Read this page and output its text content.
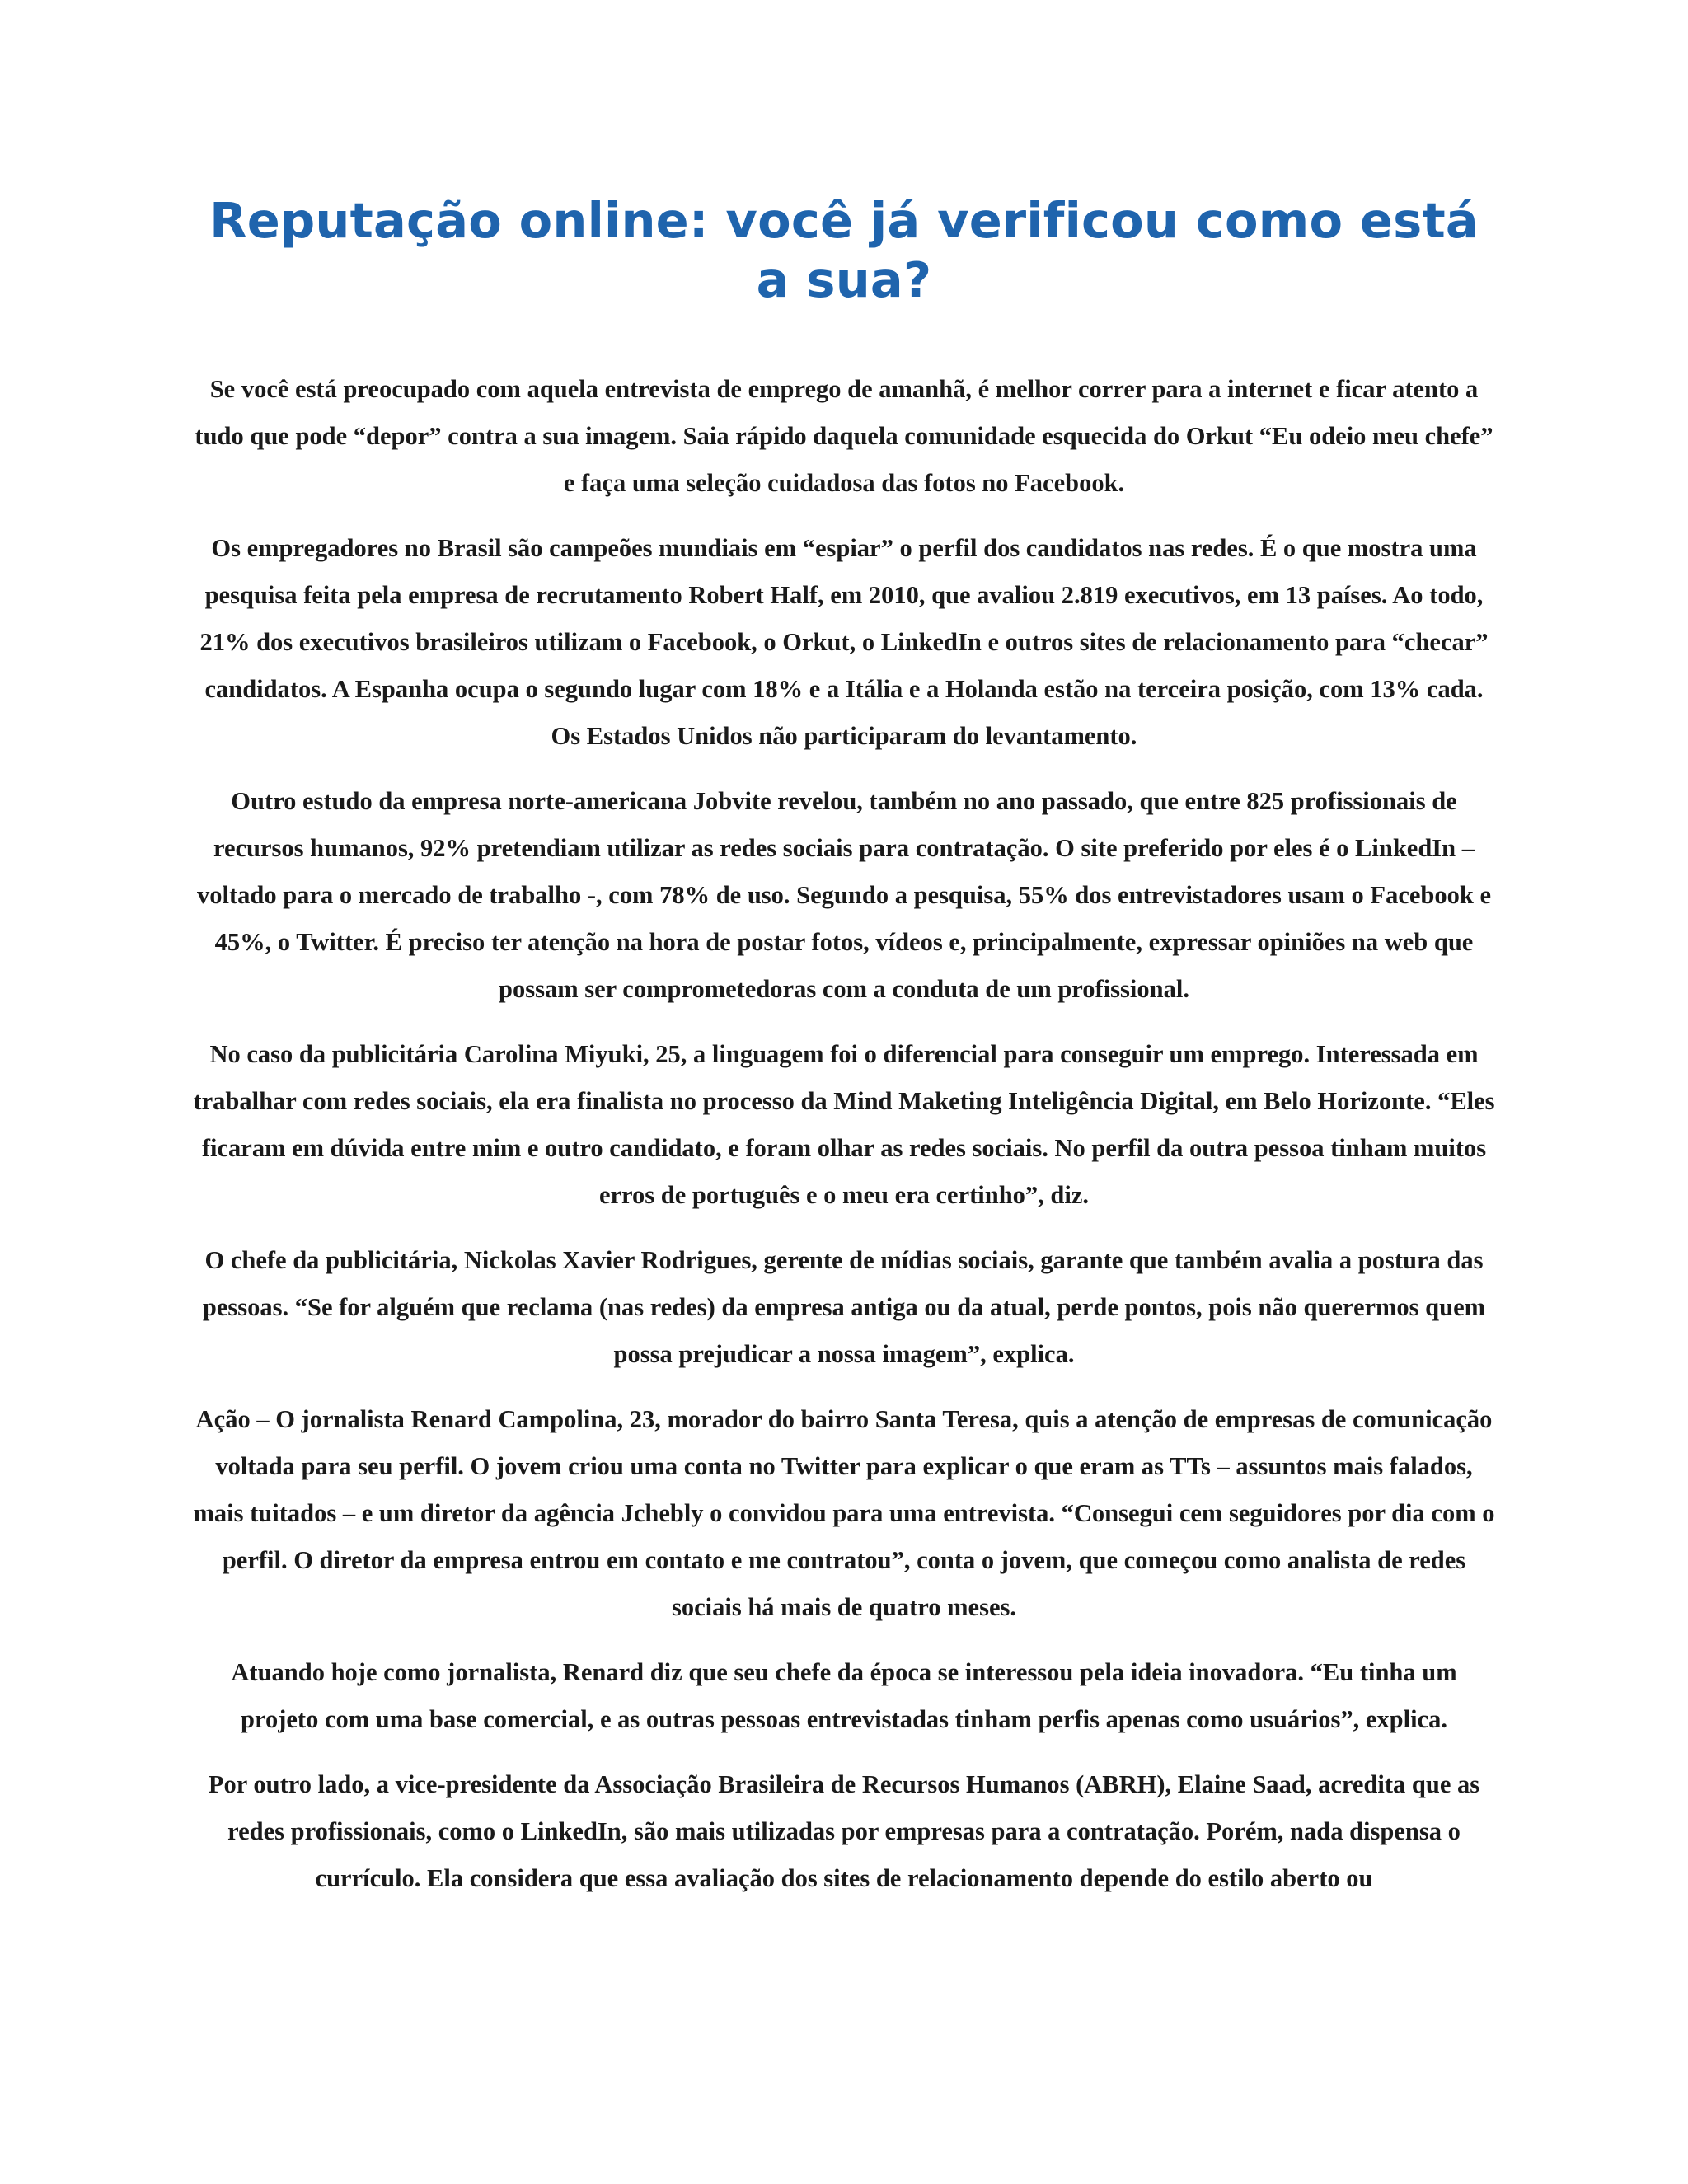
Reputação online: você já verificou como está a sua?

Se você está preocupado com aquela entrevista de emprego de amanhã, é melhor correr para a internet e ficar atento a tudo que pode “depor” contra a sua imagem. Saia rápido daquela comunidade esquecida do Orkut “Eu odeio meu chefe” e faça uma seleção cuidadosa das fotos no Facebook.

Os empregadores no Brasil são campeões mundiais em “espiar” o perfil dos candidatos nas redes. É o que mostra uma pesquisa feita pela empresa de recrutamento Robert Half, em 2010, que avaliou 2.819 executivos, em 13 países. Ao todo, 21% dos executivos brasileiros utilizam o Facebook, o Orkut, o LinkedIn e outros sites de relacionamento para “checar” candidatos. A Espanha ocupa o segundo lugar com 18% e a Itália e a Holanda estão na terceira posição, com 13% cada. Os Estados Unidos não participaram do levantamento.

Outro estudo da empresa norte-americana Jobvite revelou, também no ano passado, que entre 825 profissionais de recursos humanos, 92% pretendiam utilizar as redes sociais para contratação. O site preferido por eles é o LinkedIn – voltado para o mercado de trabalho -, com 78% de uso. Segundo a pesquisa, 55% dos entrevistadores usam o Facebook e 45%, o Twitter. É preciso ter atenção na hora de postar fotos, vídeos e, principalmente, expressar opiniões na web que possam ser comprometedoras com a conduta de um profissional.

No caso da publicitária Carolina Miyuki, 25, a linguagem foi o diferencial para conseguir um emprego. Interessada em trabalhar com redes sociais, ela era finalista no processo da Mind Maketing Inteligência Digital, em Belo Horizonte. “Eles ficaram em dúvida entre mim e outro candidato, e foram olhar as redes sociais. No perfil da outra pessoa tinham muitos erros de português e o meu era certinho”, diz.

O chefe da publicitária, Nickolas Xavier Rodrigues, gerente de mídias sociais, garante que também avalia a postura das pessoas. “Se for alguém que reclama (nas redes) da empresa antiga ou da atual, perde pontos, pois não querermos quem possa prejudicar a nossa imagem”, explica.

Ação – O jornalista Renard Campolina, 23, morador do bairro Santa Teresa, quis a atenção de empresas de comunicação voltada para seu perfil. O jovem criou uma conta no Twitter para explicar o que eram as TTs – assuntos mais falados, mais tuitados – e um diretor da agência Jchebly o convidou para uma entrevista. “Consegui cem seguidores por dia com o perfil. O diretor da empresa entrou em contato e me contratou”, conta o jovem, que começou como analista de redes sociais há mais de quatro meses.

Atuando hoje como jornalista, Renard diz que seu chefe da época se interessou pela ideia inovadora. “Eu tinha um projeto com uma base comercial, e as outras pessoas entrevistadas tinham perfis apenas como usuários”, explica.

Por outro lado, a vice-presidente da Associação Brasileira de Recursos Humanos (ABRH), Elaine Saad, acredita que as redes profissionais, como o LinkedIn, são mais utilizadas por empresas para a contratação. Porém, nada dispensa o currículo. Ela considera que essa avaliação dos sites de relacionamento depende do estilo aberto ou
